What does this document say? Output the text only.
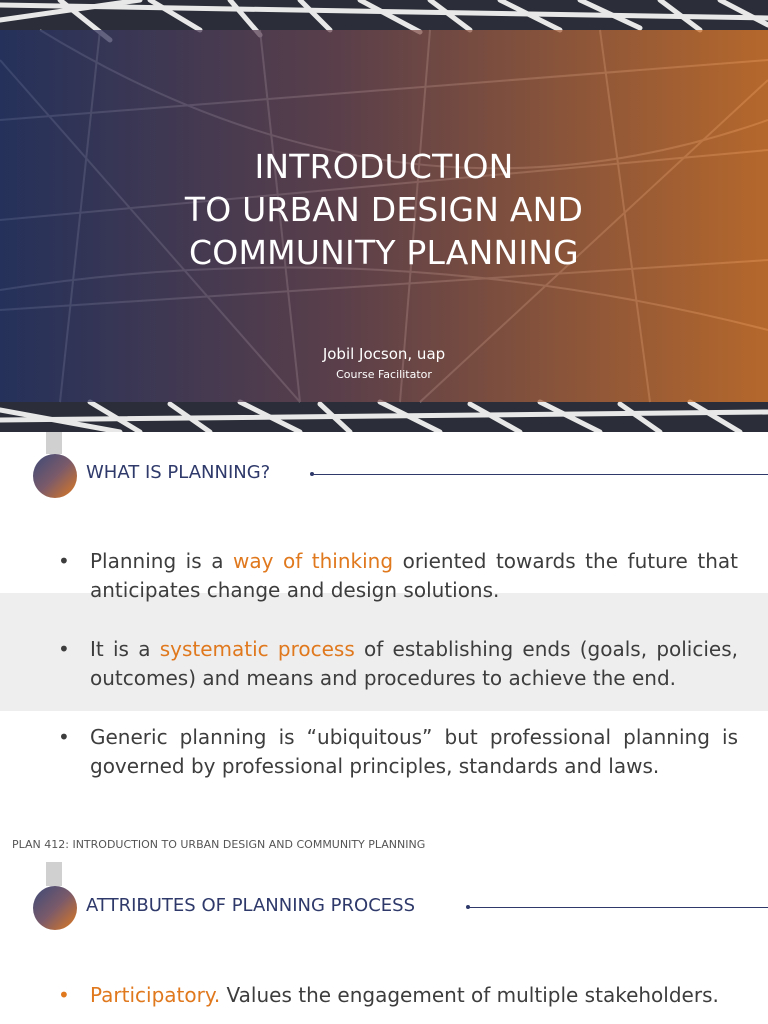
INTRODUCTION
TO URBAN DESIGN AND
COMMUNITY PLANNING
Jobil Jocson, uap
Course Facilitator
WHAT IS PLANNING?
• Planning is a way of thinking oriented towards the future that anticipates change and design solutions.
• It is a systematic process of establishing ends (goals, policies, outcomes) and means and procedures to achieve the end.
• Generic planning is “ubiquitous” but professional planning is governed by professional principles, standards and laws.
PLAN 412: INTRODUCTION TO URBAN DESIGN AND COMMUNITY PLANNING
ATTRIBUTES OF PLANNING PROCESS
• Participatory. Values the engagement of multiple stakeholders.
